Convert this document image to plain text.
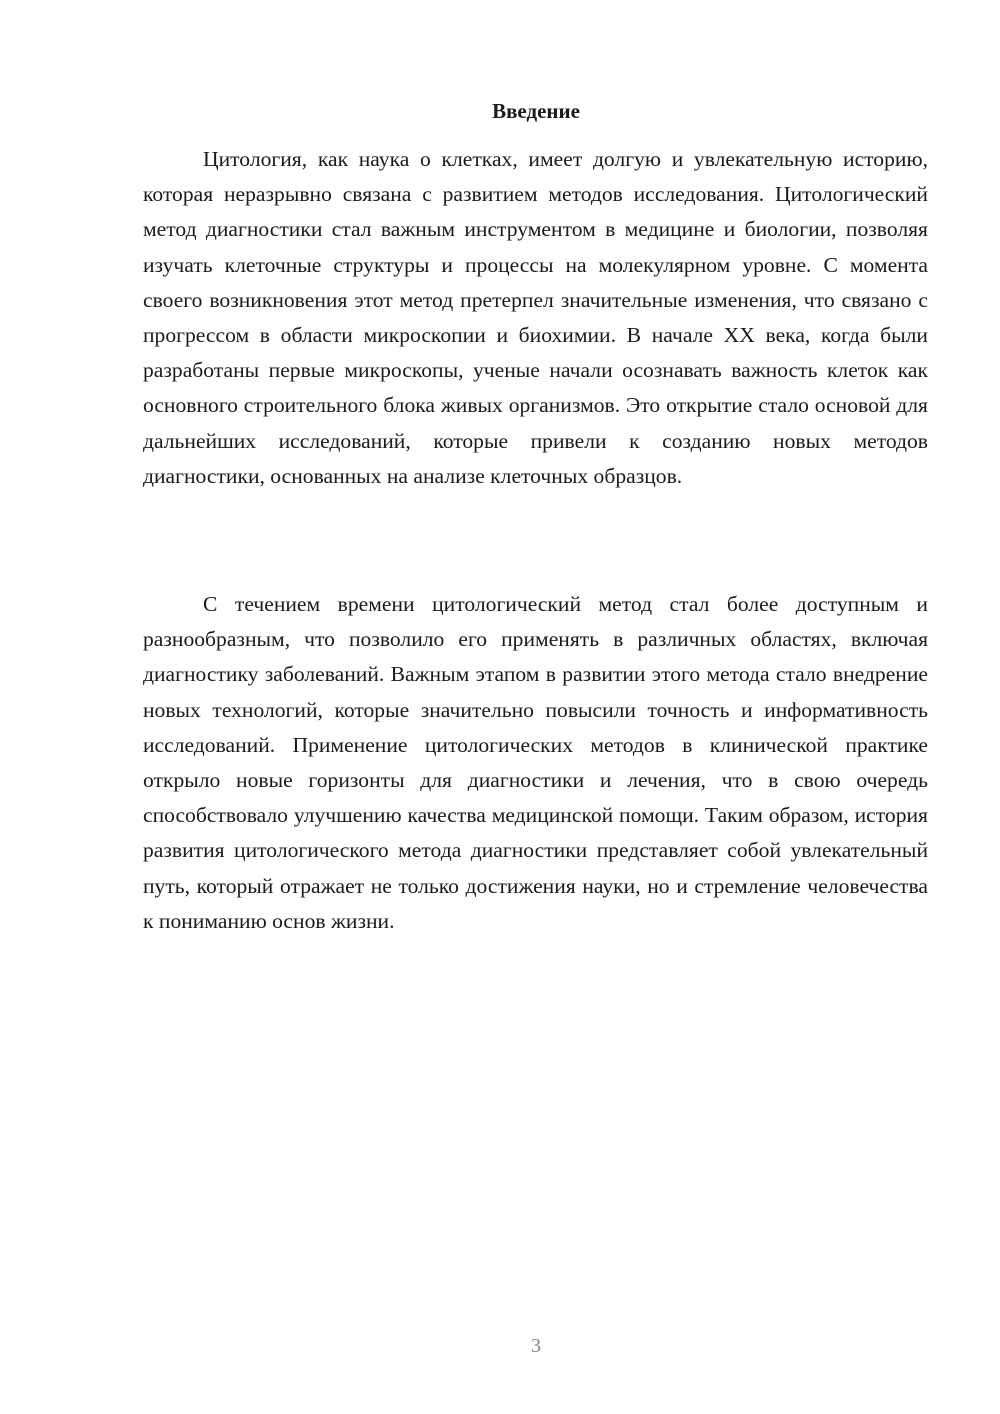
Введение

Цитология, как наука о клетках, имеет долгую и увлекательную историю, которая неразрывно связана с развитием методов исследования. Цитологический метод диагностики стал важным инструментом в медицине и биологии, позволяя изучать клеточные структуры и процессы на молекулярном уровне. С момента своего возникновения этот метод претерпел значительные изменения, что связано с прогрессом в области микроскопии и биохимии. В начале XX века, когда были разработаны первые микроскопы, ученые начали осознавать важность клеток как основного строительного блока живых организмов. Это открытие стало основой для дальнейших исследований, которые привели к созданию новых методов диагностики, основанных на анализе клеточных образцов.

С течением времени цитологический метод стал более доступным и разнообразным, что позволило его применять в различных областях, включая диагностику заболеваний. Важным этапом в развитии этого метода стало внедрение новых технологий, которые значительно повысили точность и информативность исследований. Применение цитологических методов в клинической практике открыло новые горизонты для диагностики и лечения, что в свою очередь способствовало улучшению качества медицинской помощи. Таким образом, история развития цитологического метода диагностики представляет собой увлекательный путь, который отражает не только достижения науки, но и стремление человечества к пониманию основ жизни.

3
